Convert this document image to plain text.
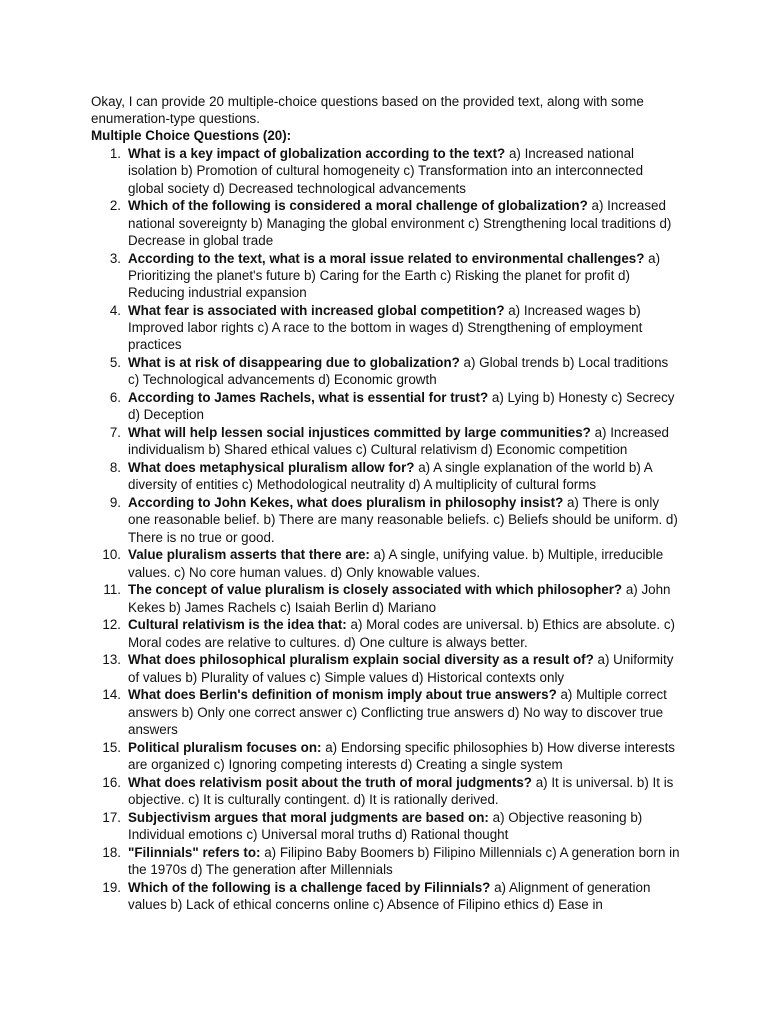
Okay, I can provide 20 multiple-choice questions based on the provided text, along with some enumeration-type questions.

Multiple Choice Questions (20):

1. What is a key impact of globalization according to the text? a) Increased national isolation b) Promotion of cultural homogeneity c) Transformation into an interconnected global society d) Decreased technological advancements
2. Which of the following is considered a moral challenge of globalization? a) Increased national sovereignty b) Managing the global environment c) Strengthening local traditions d) Decrease in global trade
3. According to the text, what is a moral issue related to environmental challenges? a) Prioritizing the planet's future b) Caring for the Earth c) Risking the planet for profit d) Reducing industrial expansion
4. What fear is associated with increased global competition? a) Increased wages b) Improved labor rights c) A race to the bottom in wages d) Strengthening of employment practices
5. What is at risk of disappearing due to globalization? a) Global trends b) Local traditions c) Technological advancements d) Economic growth
6. According to James Rachels, what is essential for trust? a) Lying b) Honesty c) Secrecy d) Deception
7. What will help lessen social injustices committed by large communities? a) Increased individualism b) Shared ethical values c) Cultural relativism d) Economic competition
8. What does metaphysical pluralism allow for? a) A single explanation of the world b) A diversity of entities c) Methodological neutrality d) A multiplicity of cultural forms
9. According to John Kekes, what does pluralism in philosophy insist? a) There is only one reasonable belief. b) There are many reasonable beliefs. c) Beliefs should be uniform. d) There is no true or good.
10. Value pluralism asserts that there are: a) A single, unifying value. b) Multiple, irreducible values. c) No core human values. d) Only knowable values.
11. The concept of value pluralism is closely associated with which philosopher? a) John Kekes b) James Rachels c) Isaiah Berlin d) Mariano
12. Cultural relativism is the idea that: a) Moral codes are universal. b) Ethics are absolute. c) Moral codes are relative to cultures. d) One culture is always better.
13. What does philosophical pluralism explain social diversity as a result of? a) Uniformity of values b) Plurality of values c) Simple values d) Historical contexts only
14. What does Berlin's definition of monism imply about true answers? a) Multiple correct answers b) Only one correct answer c) Conflicting true answers d) No way to discover true answers
15. Political pluralism focuses on: a) Endorsing specific philosophies b) How diverse interests are organized c) Ignoring competing interests d) Creating a single system
16. What does relativism posit about the truth of moral judgments? a) It is universal. b) It is objective. c) It is culturally contingent. d) It is rationally derived.
17. Subjectivism argues that moral judgments are based on: a) Objective reasoning b) Individual emotions c) Universal moral truths d) Rational thought
18. "Filinnials" refers to: a) Filipino Baby Boomers b) Filipino Millennials c) A generation born in the 1970s d) The generation after Millennials
19. Which of the following is a challenge faced by Filinnials? a) Alignment of generation values b) Lack of ethical concerns online c) Absence of Filipino ethics d) Ease in
